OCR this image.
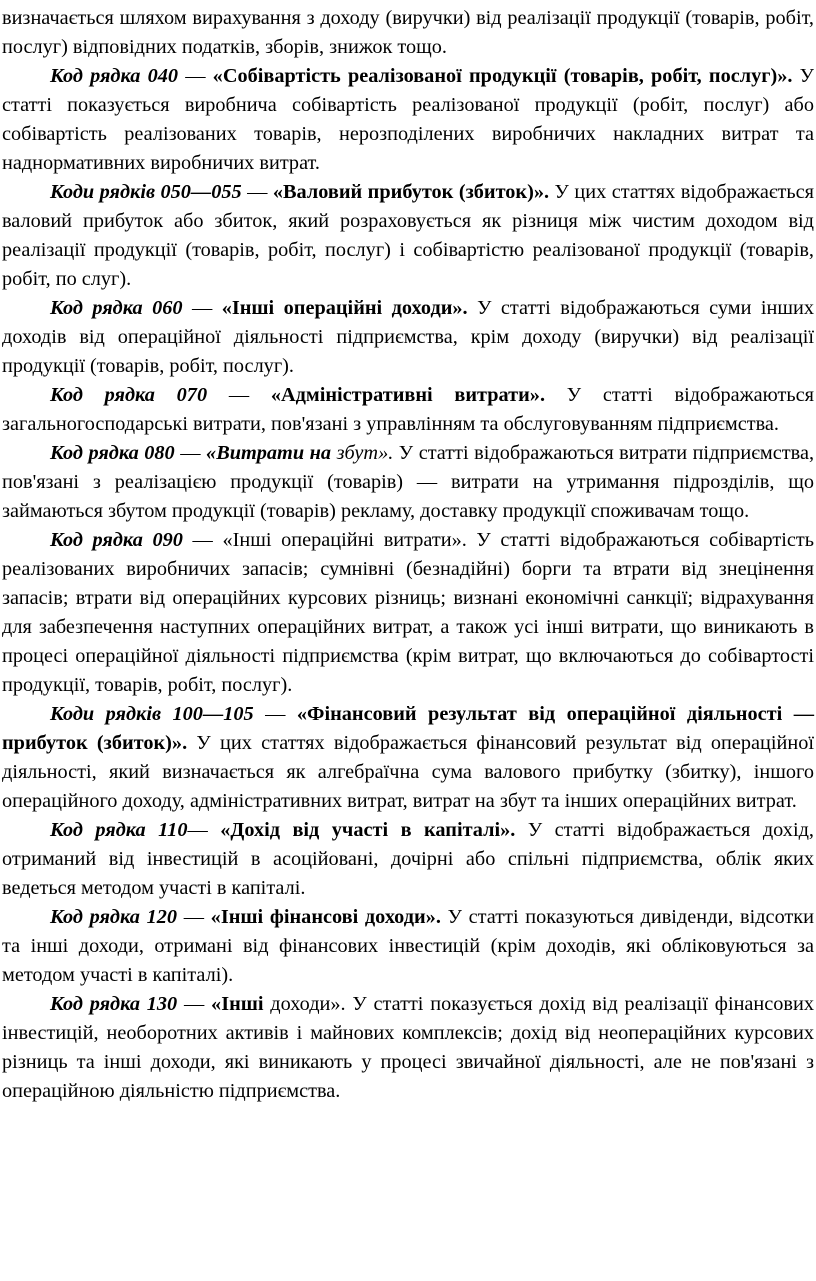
визначається шляхом вирахування з доходу (виручки) від реалізації продукції (товарів, робіт, послуг) відповідних податків, зборів, знижок тощо.

Код рядка 040 — «Собівартість реалізованої продукції (товарів, робіт, послуг)». У статті показується виробнича собівартість реалізованої продукції (робіт, послуг) або собівартість реалізованих товарів, нерозподілених виробничих накладних витрат та наднормативних виробничих витрат.

Коди рядків 050—055 — «Валовий прибуток (збиток)». У цих статтях відображається валовий прибуток або збиток, який розраховується як різниця між чистим доходом від реалізації продукції (товарів, робіт, послуг) і собівартістю реалізованої продукції (товарів, робіт, по слуг).

Код рядка 060 — «Інші операційні доходи». У статті відображаються суми інших доходів від операційної діяльності підприємства, крім доходу (виручки) від реалізації продукції (товарів, робіт, послуг).

Код рядка 070 — «Адміністративні витрати». У статті відображаються загальногосподарські витрати, пов'язані з управлінням та обслуговуванням підприємства.

Код рядка 080 — «Витрати на збут». У статті відображаються витрати підприємства, пов'язані з реалізацією продукції (товарів) — витрати на утримання підрозділів, що займаються збутом продукції (товарів) рекламу, доставку продукції споживачам тощо.

Код рядка 090 — «Інші операційні витрати». У статті відображаються собівартість реалізованих виробничих запасів; сумнівні (безнадійні) борги та втрати від знецінення запасів; втрати від операційних курсових різниць; визнані економічні санкції; відрахування для забезпечення наступних операційних витрат, а також усі інші витрати, що виникають в процесі операційної діяльності підприємства (крім витрат, що включаються до собівартості продукції, товарів, робіт, послуг).

Коди рядків 100—105 — «Фінансовий результат від операційної діяльності — прибуток (збиток)». У цих статтях відображається фінансовий результат від операційної діяльності, який визначається як алгебраїчна сума валового прибутку (збитку), іншого операційного доходу, адміністративних витрат, витрат на збут та інших операційних витрат.

Код рядка 110— «Дохід від участі в капіталі». У статті відображається дохід, отриманий від інвестицій в асоційовані, дочірні або спільні підприємства, облік яких ведеться методом участі в капіталі.

Код рядка 120 — «Інші фінансові доходи». У статті показуються дивіденди, відсотки та інші доходи, отримані від фінансових інвестицій (крім доходів, які обліковуються за методом участі в капіталі).

Код рядка 130 — «Інші доходи». У статті показується дохід від реалізації фінансових інвестицій, необоротних активів і майнових комплексів; дохід від неопераційних курсових різниць та інші доходи, які виникають у процесі звичайної діяльності, але не пов'язані з операційною діяльністю підприємства.
